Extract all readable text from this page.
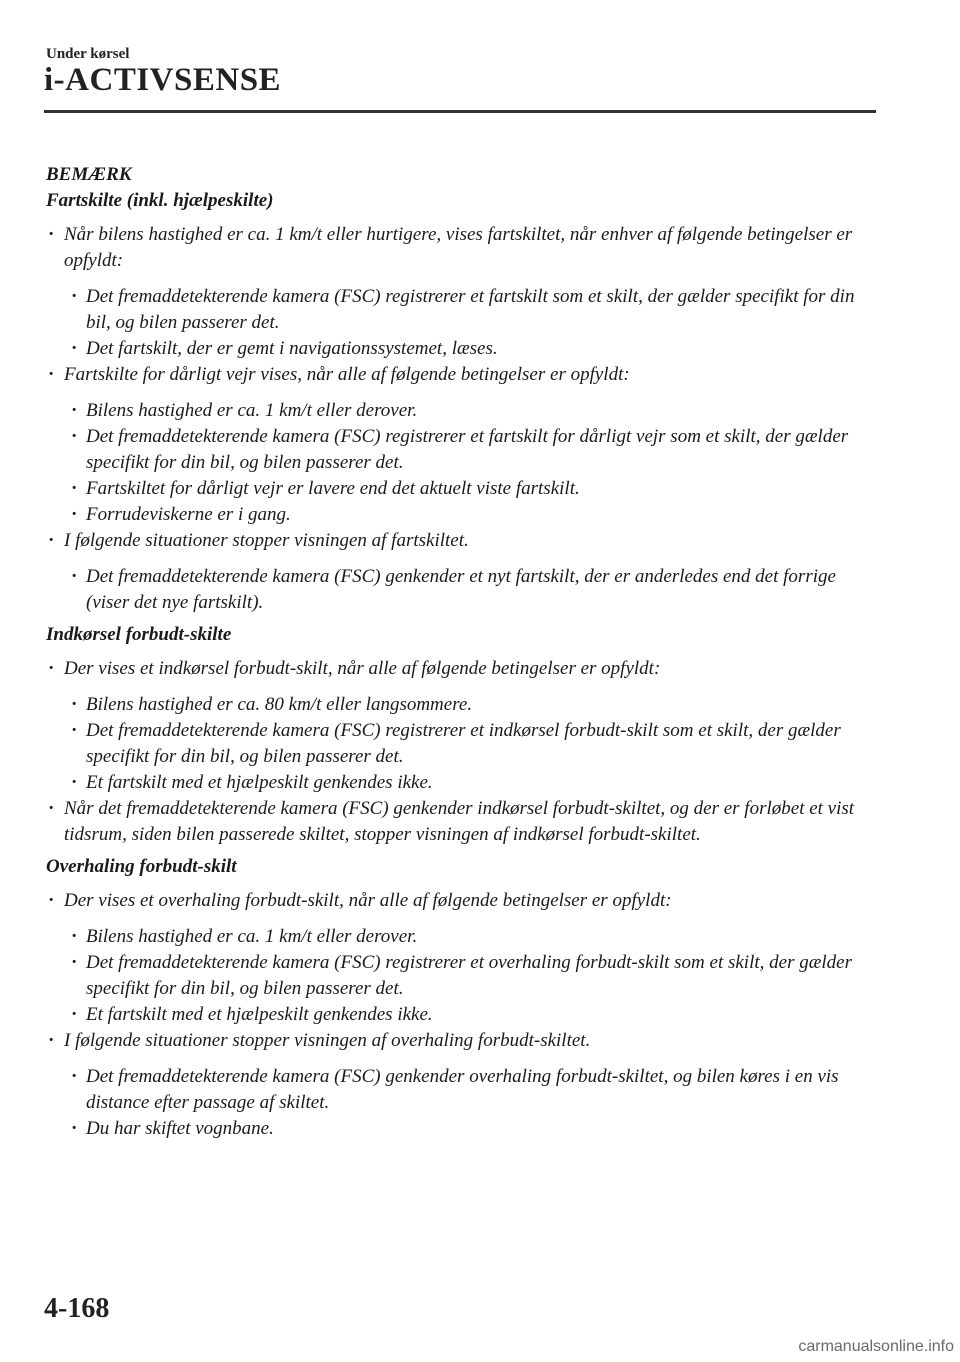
Under kørsel
i-ACTIVSENSE
BEMÆRK
Fartskilte (inkl. hjælpeskilte)
· Når bilens hastighed er ca. 1 km/t eller hurtigere, vises fartskiltet, når enhver af følgende betingelser er opfyldt:
· Det fremaddetekterende kamera (FSC) registrerer et fartskilt som et skilt, der gælder specifikt for din bil, og bilen passerer det.
· Det fartskilt, der er gemt i navigationssystemet, læses.
· Fartskilte for dårligt vejr vises, når alle af følgende betingelser er opfyldt:
· Bilens hastighed er ca. 1 km/t eller derover.
· Det fremaddetekterende kamera (FSC) registrerer et fartskilt for dårligt vejr som et skilt, der gælder specifikt for din bil, og bilen passerer det.
· Fartskiltet for dårligt vejr er lavere end det aktuelt viste fartskilt.
· Forrudeviskerne er i gang.
· I følgende situationer stopper visningen af fartskiltet.
· Det fremaddetekterende kamera (FSC) genkender et nyt fartskilt, der er anderledes end det forrige (viser det nye fartskilt).
Indkørsel forbudt-skilte
· Der vises et indkørsel forbudt-skilt, når alle af følgende betingelser er opfyldt:
· Bilens hastighed er ca. 80 km/t eller langsommere.
· Det fremaddetekterende kamera (FSC) registrerer et indkørsel forbudt-skilt som et skilt, der gælder specifikt for din bil, og bilen passerer det.
· Et fartskilt med et hjælpeskilt genkendes ikke.
· Når det fremaddetekterende kamera (FSC) genkender indkørsel forbudt-skiltet, og der er forløbet et vist tidsrum, siden bilen passerede skiltet, stopper visningen af indkørsel forbudt-skiltet.
Overhaling forbudt-skilt
· Der vises et overhaling forbudt-skilt, når alle af følgende betingelser er opfyldt:
· Bilens hastighed er ca. 1 km/t eller derover.
· Det fremaddetekterende kamera (FSC) registrerer et overhaling forbudt-skilt som et skilt, der gælder specifikt for din bil, og bilen passerer det.
· Et fartskilt med et hjælpeskilt genkendes ikke.
· I følgende situationer stopper visningen af overhaling forbudt-skiltet.
· Det fremaddetekterende kamera (FSC) genkender overhaling forbudt-skiltet, og bilen køres i en vis distance efter passage af skiltet.
· Du har skiftet vognbane.
4-168
carmanualsonline.info
